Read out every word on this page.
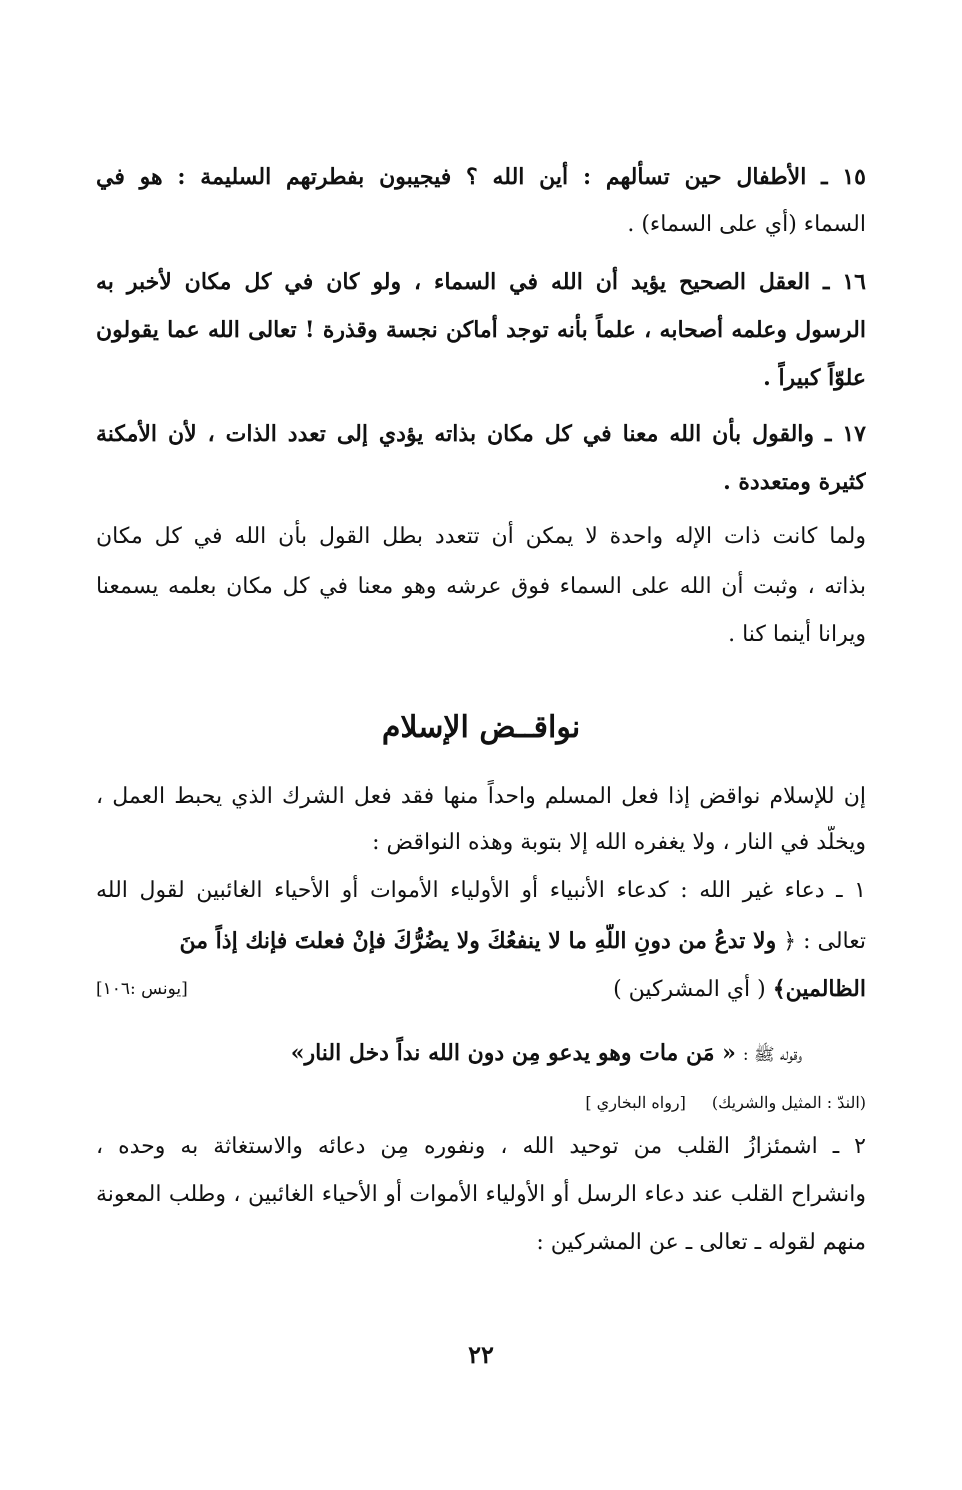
١٥ ـ الأطفال حين تسألهم : أين الله ؟ فيجيبون بفطرتهم السليمة : هو في
السماء (أي على السماء) .
١٦ ـ العقل الصحيح يؤيد أن الله في السماء ، ولو كان في كل مكان لأخبر به
الرسول وعلمه أصحابه ، علماً بأنه توجد أماكن نجسة وقذرة ! تعالى الله عما يقولون
علوّاً كبيراً .
١٧ ـ والقول بأن الله معنا في كل مكان بذاته يؤدي إلى تعدد الذات ، لأن الأمكنة
كثيرة ومتعددة .
ولما كانت ذات الإله واحدة لا يمكن أن تتعدد بطل القول بأن الله في كل مكان
بذاته ، وثبت أن الله على السماء فوق عرشه وهو معنا في كل مكان بعلمه يسمعنا
ويرانا أينما كنا .
نواقــض الإسلام
إن للإسلام نواقض إذا فعل المسلم واحداً منها فقد فعل الشرك الذي يحبط العمل ،
ويخلّد في النار ، ولا يغفره الله إلا بتوبة وهذه النواقض :
١ ـ دعاء غير الله : كدعاء الأنبياء أو الأولياء الأموات أو الأحياء الغائبين لقول الله
تعالى : ﴿ ولا تدعُ من دونِ اللّهِ ما لا ينفعُكَ ولا يضُرُّكَ فإنْ فعلتَ فإنك إذاً منَ
الظالمين﴾ ( أي المشركين )
[يونس :١٠٦]
وقوله ﷺ : « مَن مات وهو يدعو مِن دون الله نداً دخل النار»
(الندّ : المثيل والشريك)
[رواه البخاري ]
٢ ـ اشمئزازُ القلب من توحيد الله ، ونفوره مِن دعائه والاستغاثة به وحده ،
وانشراح القلب عند دعاء الرسل أو الأولياء الأموات أو الأحياء الغائبين ، وطلب المعونة
منهم لقوله ـ تعالى ـ عن المشركين :
٢٢
